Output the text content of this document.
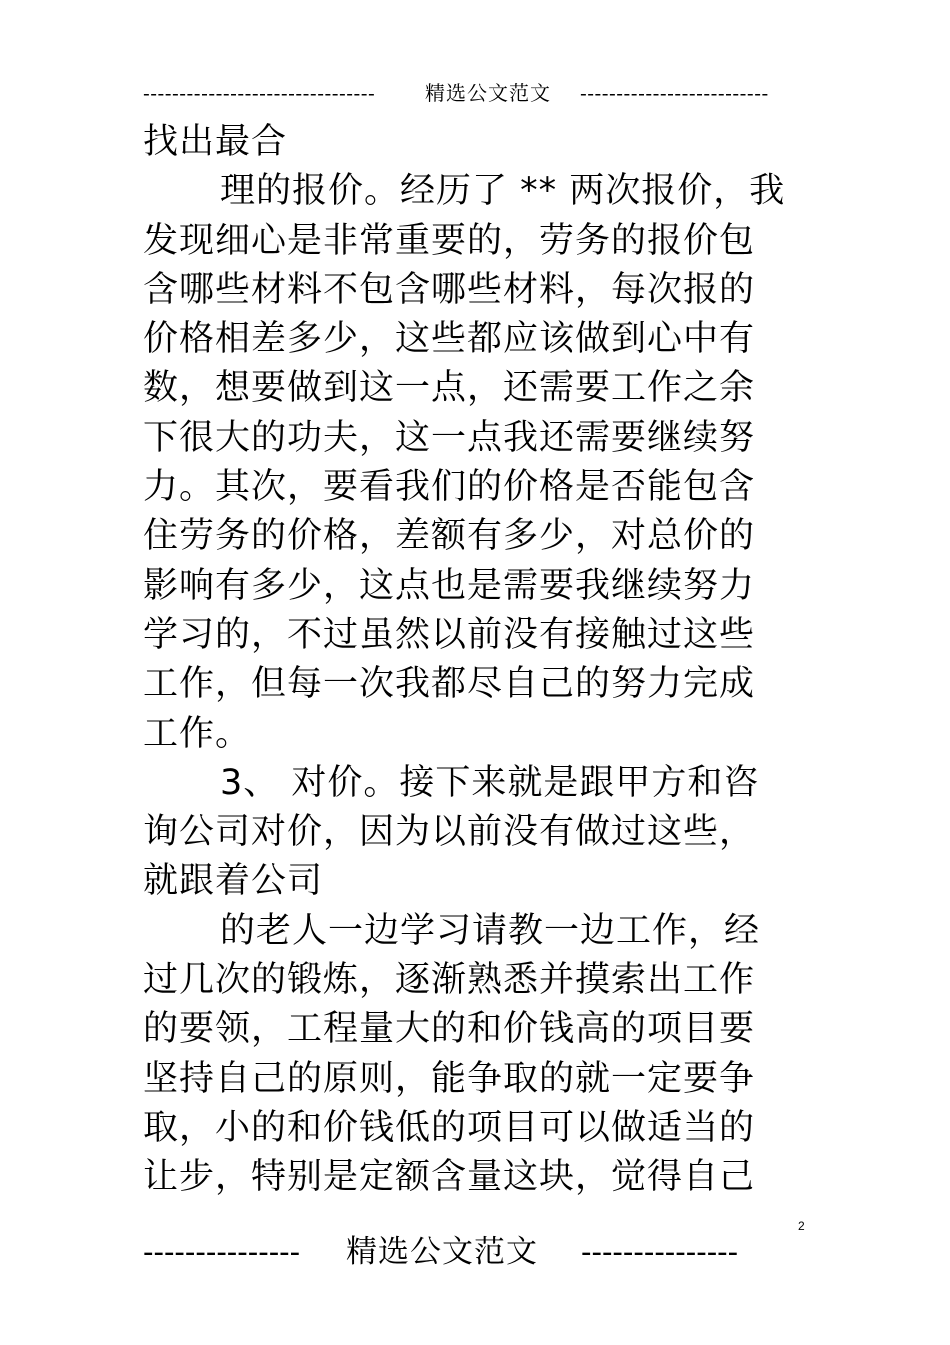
-------------------------------- 精选公文范文 --------------------------
找出最合
理的报价。经历了 ** 两次报价，我
发现细心是非常重要的，劳务的报价包
含哪些材料不包含哪些材料，每次报的
价格相差多少，这些都应该做到心中有
数，想要做到这一点，还需要工作之余
下很大的功夫，这一点我还需要继续努
力。其次，要看我们的价格是否能包含
住劳务的价格，差额有多少，对总价的
影响有多少，这点也是需要我继续努力
学习的，不过虽然以前没有接触过这些
工作，但每一次我都尽自己的努力完成
工作。
3、 对价。接下来就是跟甲方和咨
询公司对价，因为以前没有做过这些，
就跟着公司
的老人一边学习请教一边工作，经
过几次的锻炼，逐渐熟悉并摸索出工作
的要领，工程量大的和价钱高的项目要
坚持自己的原则，能争取的就一定要争
取，小的和价钱低的项目可以做适当的
让步，特别是定额含量这块，觉得自己
2
--------------- 精选公文范文 ---------------
